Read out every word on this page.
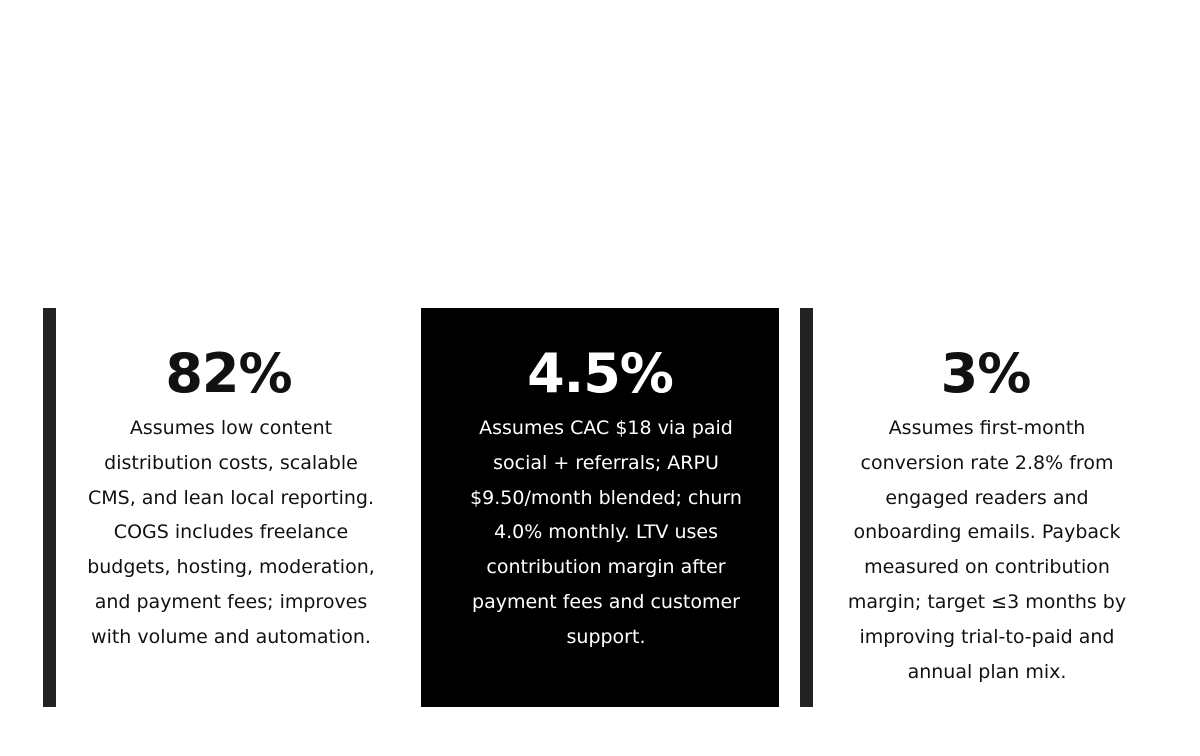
82%

Assumes low content distribution costs, scalable CMS, and lean local reporting. COGS includes freelance budgets, hosting, moderation, and payment fees; improves with volume and automation.

4.5%

Assumes CAC $18 via paid social + referrals; ARPU $9.50/month blended; churn 4.0% monthly. LTV uses contribution margin after payment fees and customer support.

3%

Assumes first-month conversion rate 2.8% from engaged readers and onboarding emails. Payback measured on contribution margin; target ≤3 months by improving trial-to-paid and annual plan mix.
